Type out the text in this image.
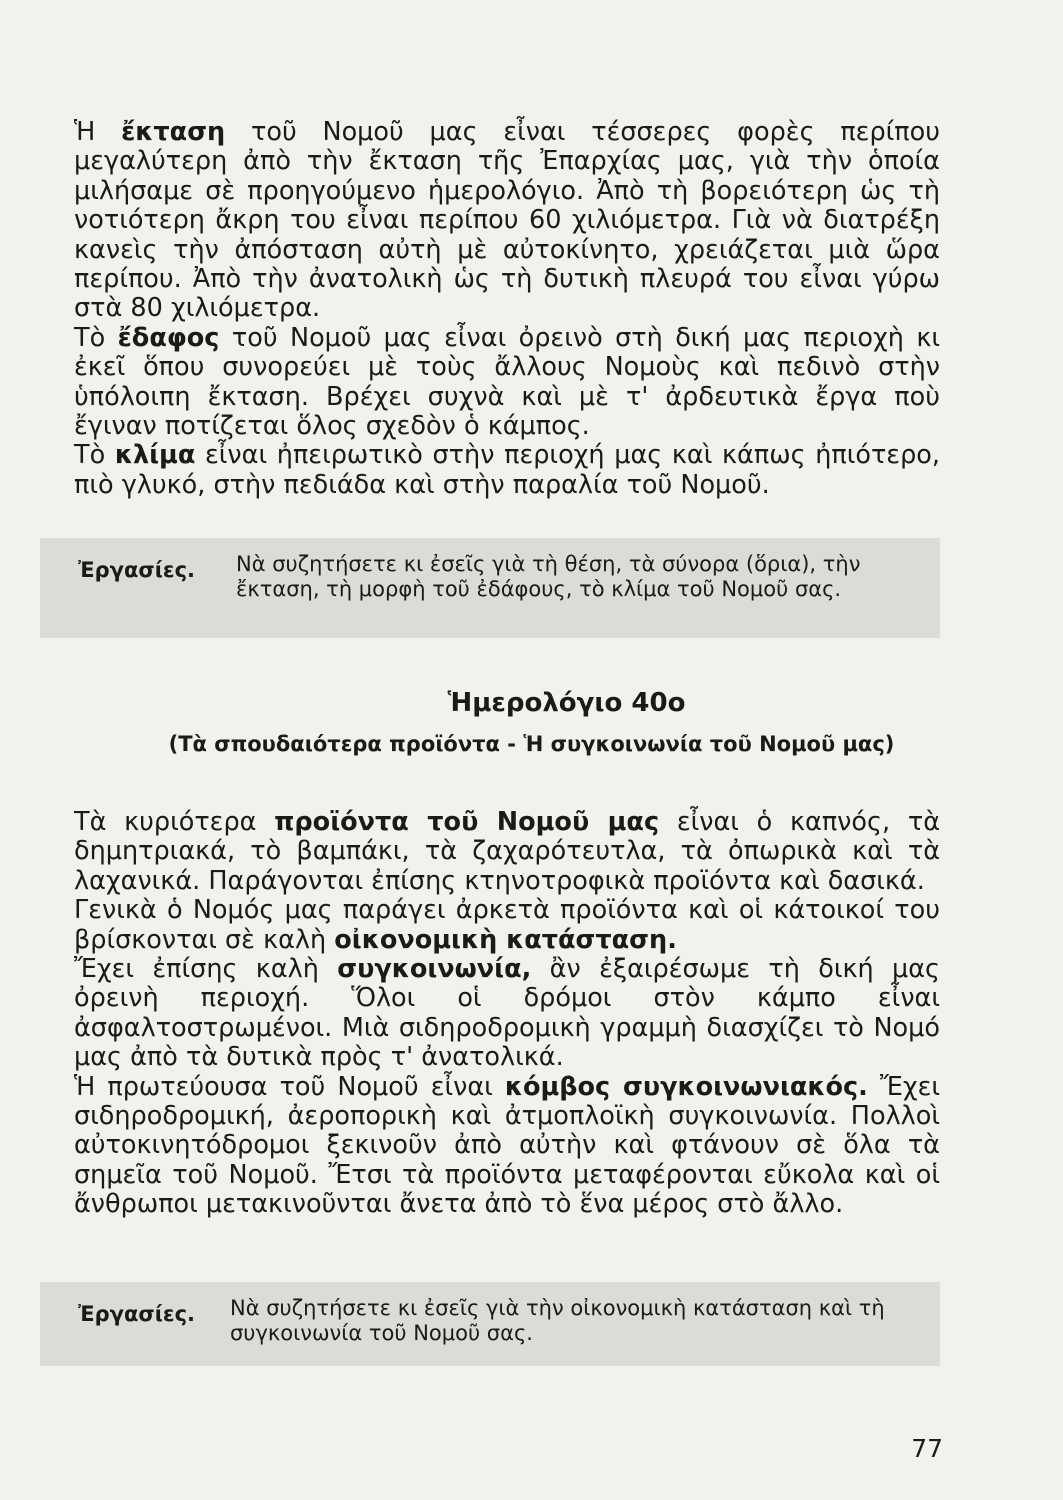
Ἡ ἔκταση τοῦ Νομοῦ μας εἶναι τέσσερες φορὲς περίπου μεγαλύτερη ἀπὸ τὴν ἔκταση τῆς Ἐπαρχίας μας, γιὰ τὴν ὁποία μιλήσαμε σὲ προηγούμενο ἡμερολόγιο. Ἀπὸ τὴ βορειότερη ὡς τὴ νοτιότερη ἄκρη του εἶναι περίπου 60 χιλιόμετρα. Γιὰ νὰ διατρέξη κανεὶς τὴν ἀπόσταση αὐτὴ μὲ αὐτοκίνητο, χρειάζεται μιὰ ὥρα περίπου. Ἀπὸ τὴν ἀνατολικὴ ὡς τὴ δυτικὴ πλευρά του εἶναι γύρω στὰ 80 χιλιόμετρα.

Τὸ ἔδαφος τοῦ Νομοῦ μας εἶναι ὀρεινὸ στὴ δική μας περιοχὴ κι ἐκεῖ ὅπου συνορεύει μὲ τοὺς ἄλλους Νομοὺς καὶ πεδινὸ στὴν ὑπόλοιπη ἔκταση. Βρέχει συχνὰ καὶ μὲ τ' ἀρδευτικὰ ἔργα ποὺ ἔγιναν ποτίζεται ὅλος σχεδὸν ὁ κάμπος.

Τὸ κλίμα εἶναι ἠπειρωτικὸ στὴν περιοχή μας καὶ κάπως ἠπιότερο, πιὸ γλυκό, στὴν πεδιάδα καὶ στὴν παραλία τοῦ Νομοῦ.

Ἐργασίες. Νὰ συζητήσετε κι ἐσεῖς γιὰ τὴ θέση, τὰ σύνορα (ὅρια), τὴν ἔκταση, τὴ μορφὴ τοῦ ἐδάφους, τὸ κλίμα τοῦ Νομοῦ σας.
Ἡμερολόγιο 40ο
(Τὰ σπουδαιότερα προϊόντα - Ἡ συγκοινωνία τοῦ Νομοῦ μας)

Τὰ κυριότερα προϊόντα τοῦ Νομοῦ μας εἶναι ὁ καπνός, τὰ δημητριακά, τὸ βαμπάκι, τὰ ζαχαρότευτλα, τὰ ὀπωρικὰ καὶ τὰ λαχανικά. Παράγονται ἐπίσης κτηνοτροφικὰ προϊόντα καὶ δασικά.

Γενικὰ ὁ Νομός μας παράγει ἀρκετὰ προϊόντα καὶ οἱ κάτοικοί του βρίσκονται σὲ καλὴ οἰκονομικὴ κατάσταση.

Ἔχει ἐπίσης καλὴ συγκοινωνία, ἂν ἐξαιρέσωμε τὴ δική μας ὀρεινὴ περιοχή. Ὅλοι οἱ δρόμοι στὸν κάμπο εἶναι ἀσφαλτοστρωμένοι. Μιὰ σιδηροδρομικὴ γραμμὴ διασχίζει τὸ Νομό μας ἀπὸ τὰ δυτικὰ πρὸς τ' ἀνατολικά.

Ἡ πρωτεύουσα τοῦ Νομοῦ εἶναι κόμβος συγκοινωνιακός. Ἔχει σιδηροδρομική, ἀεροπορικὴ καὶ ἀτμοπλοϊκὴ συγκοινωνία. Πολλοὶ αὐτοκινητόδρομοι ξεκινοῦν ἀπὸ αὐτὴν καὶ φτάνουν σὲ ὅλα τὰ σημεῖα τοῦ Νομοῦ. Ἔτσι τὰ προϊόντα μεταφέρονται εὔκολα καὶ οἱ ἄνθρωποι μετακινοῦνται ἄνετα ἀπὸ τὸ ἕνα μέρος στὸ ἄλλο.

Ἐργασίες. Νὰ συζητήσετε κι ἐσεῖς γιὰ τὴν οἰκονομικὴ κατάσταση καὶ τὴ συγκοινωνία τοῦ Νομοῦ σας.
77
